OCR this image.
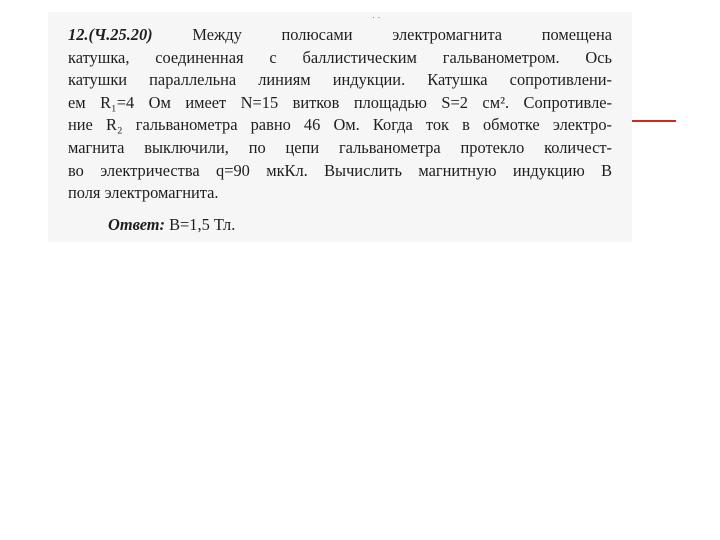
· ·
12.(Ч.25.20) Между полюсами электромагнита помещена
катушка, соединенная с баллистическим гальванометром. Ось
катушки параллельна линиям индукции. Катушка сопротивлени-
ем R₁=4 Ом имеет N=15 витков площадью S=2 см². Сопротивле-
ние R₂ гальванометра равно 46 Ом. Когда ток в обмотке электро-
магнита выключили, по цепи гальванометра протекло количест-
во электричества q=90 мкКл. Вычислить магнитную индукцию B
поля электромагнита.
Ответ: B=1,5 Тл.
